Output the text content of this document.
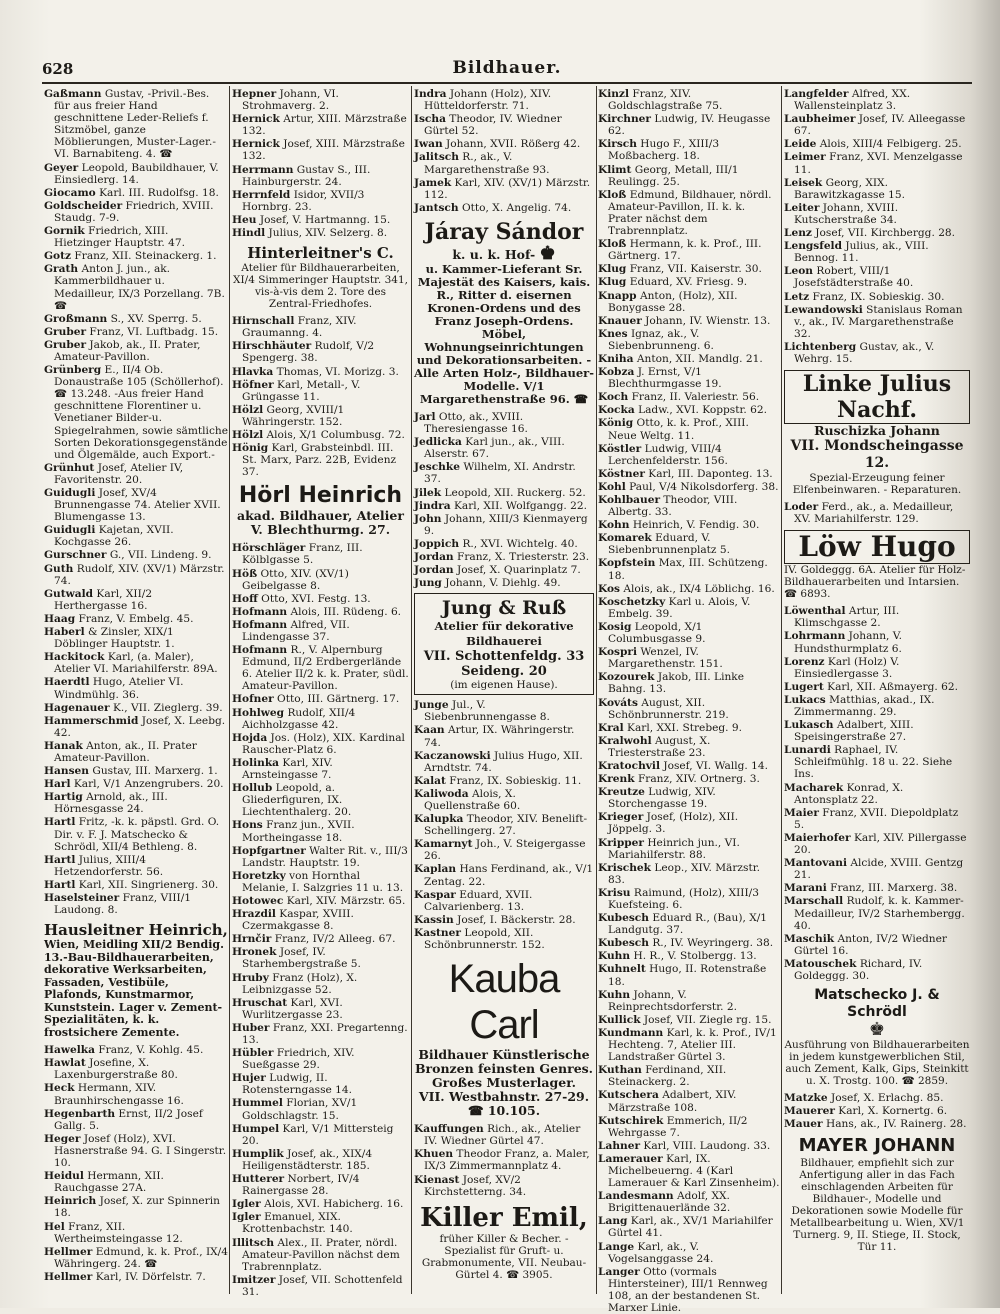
628	Bildhauer.
Gaßmann Gustav, -Privil.-Bes. für aus freier Hand geschnittene Leder-Reliefs f. Sitzmöbel, ganze Möblierungen, Muster-Lager.-VI. Barnabiteng. 4. ☎
Geyer Leopold, Baubildhauer, V. Einsiedlerg. 14.
Giocamo Karl. III. Rudolfsg. 18.
Goldscheider Friedrich, XVIII. Staudg. 7-9.
Gornik Friedrich, XIII. Hietzinger Hauptstr. 47.
Gotz Franz, XII. Steinackerg. 1.
Grath Anton J. jun., ak. Kammerbildhauer u. Medailleur, IX/3 Porzellang. 7B. ☎
Großmann S., XV. Sperrg. 5.
Gruber Franz, VI. Luftbadg. 15.
Gruber Jakob, ak., II. Prater, Amateur-Pavillon.
Grünberg E., II/4 Ob. Donaustraße 105 (Schöllerhof). ☎ 13.248. -Aus freier Hand geschnittene Florentiner u. Venetianer Bilder-u. Spiegelrahmen, sowie sämtliche Sorten Dekorationsgegenstände und Ölgemälde, auch Export.-
Grünhut Josef, Atelier IV, Favoritenstr. 20.
Guidugli Josef, XV/4 Brunnengasse 74. Atelier XVII. Blumengasse 13.
Guidugli Kajetan, XVII. Kochgasse 26.
Gurschner G., VII. Lindeng. 9.
Guth Rudolf, XIV. (XV/1) Märzstr. 74.
Gutwald Karl, XII/2 Herthergasse 16.
Haag Franz, V. Embelg. 45.
Haberl & Zinsler, XIX/1 Döblinger Hauptstr. 1.
Hackitock Karl, (a. Maler), Atelier VI. Mariahilferstr. 89A.
Haerdtl Hugo, Atelier VI. Windmühlg. 36.
Hagenauer K., VII. Zieglerg. 39.
Hammerschmid Josef, X. Leebg. 42.
Hanak Anton, ak., II. Prater Amateur-Pavillon.
Hansen Gustav, III. Marxerg. 1.
Harl Karl, V/1 Anzengrubers. 20.
Hartig Arnold, ak., III. Hörnesgasse 24.
Hartl Fritz, -k. k. päpstl. Grd. O. Dir. v. F. J. Matschecko & Schrödl, XII/4 Bethleng. 8.
Hartl Julius, XIII/4 Hetzendorferstr. 56.
Hartl Karl, XII. Singrienerg. 30.
Haselsteiner Franz, VIII/1 Laudong. 8.
Hausleitner Heinrich,
Wien, Meidling XII/2 Bendig. 13.-Bau-Bildhauerarbeiten, dekorative Werksarbeiten, Fassaden, Vestibüle, Plafonds, Kunstmarmor, Kunststein. Lager v. Zement-Spezialitäten, k. k. frostsichere Zemente.
Hawelka Franz, V. Kohlg. 45.
Hawlat Josefine, X. Laxenburgerstraße 80.
Heck Hermann, XIV. Braunhirschengasse 16.
Hegenbarth Ernst, II/2 Josef Gallg. 5.
Heger Josef (Holz), XVI. Hasnerstraße 94. G. I Singerstr. 10.
Heidul Hermann, XII. Rauchgasse 27A.
Heinrich Josef, X. zur Spinnerin 18.
Hel Franz, XII. Wertheimsteingasse 12.
Hellmer Edmund, k. k. Prof., IX/4 Währingerg. 24. ☎
Hellmer Karl, IV. Dörfelstr. 7.
Hepner Johann, VI. Strohmaverg. 2.
Hernick Artur, XIII. Märzstraße 132.
Hernick Josef, XIII. Märzstraße 132.
Herrmann Gustav S., III. Hainburgerstr. 24.
Herrnfeld Isidor, XVII/3 Hornbrg. 23.
Heu Josef, V. Hartmanng. 15.
Hindl Julius, XIV. Selzerg. 8.
Hinterleitner's C.
Atelier für Bildhauerarbeiten, XI/4 Simmeringer Hauptstr. 341, vis-à-vis dem 2. Tore des Zentral-Friedhofes.
Hirnschall Franz, XIV. Graumanng. 4.
Hirschhäuter Rudolf, V/2 Spengerg. 38.
Hlavka Thomas, VI. Morizg. 3.
Höfner Karl, Metall-, V. Grüngasse 11.
Hölzl Georg, XVIII/1 Währingerstr. 152.
Hölzl Alois, X/1 Columbusg. 72.
Hönig Karl, Grabsteinbdl. III. St. Marx, Parz. 22B, Evidenz 37.
Hörl Heinrich
akad. Bildhauer, Atelier V. Blechthurmg. 27.
Hörschläger Franz, III. Kölblgasse 5.
Höß Otto, XIV. (XV/1) Geibelgasse 8.
Hoff Otto, XVI. Festg. 13.
Hofmann Alois, III. Rüdeng. 6.
Hofmann Alfred, VII. Lindengasse 37.
Hofmann R., V. Alpernburg Edmund, II/2 Erdbergerlände 6. Atelier II/2 k. k. Prater, südl. Amateur-Pavillon.
Hofner Otto, III. Gärtnerg. 17.
Hohlweg Rudolf, XII/4 Aichholzgasse 42.
Hojda Jos. (Holz), XIX. Kardinal Rauscher-Platz 6.
Holinka Karl, XIV. Arnsteingasse 7.
Hollub Leopold, a. Gliederfiguren, IX. Liechtenthalerg. 20.
Hons Franz jun., XVII. Mortheingasse 18.
Hopfgartner Walter Rit. v., III/3 Landstr. Hauptstr. 19.
Horetzky von Hornthal Melanie, I. Salzgries 11 u. 13.
Hotowec Karl, XIV. Märzstr. 65.
Hrazdil Kaspar, XVIII. Czermakgasse 8.
Hrnčir Franz, IV/2 Alleeg. 67.
Hronek Josef, IV. Starhembergstraße 5.
Hruby Franz (Holz), X. Leibnizgasse 52.
Hruschat Karl, XVI. Wurlitzergasse 23.
Huber Franz, XXI. Pregartenng. 13.
Hübler Friedrich, XIV. Sueßgasse 29.
Hujer Ludwig, II. Rotensterngasse 14.
Hummel Florian, XV/1 Goldschlagstr. 15.
Humpel Karl, V/1 Mittersteig 20.
Humplik Josef, ak., XIX/4 Heiligenstädterstr. 185.
Hutterer Norbert, IV/4 Rainergasse 28.
Igler Alois, XVI. Habicherg. 16.
Igler Emanuel, XIX. Krottenbachstr. 140.
Illitsch Alex., II. Prater, nördl. Amateur-Pavillon nächst dem Trabrennplatz.
Imitzer Josef, VII. Schottenfeld 31.
Indra Johann (Holz), XIV. Hütteldorferstr. 71.
Ischa Theodor, IV. Wiedner Gürtel 52.
Iwan Johann, XVII. Rößerg 42.
Jalitsch R., ak., V. Margarethenstraße 93.
Jamek Karl, XIV. (XV/1) Märzstr. 112.
Jantsch Otto, X. Angelig. 74.
Járay Sándor
k. u. k. Hof- ♚
u. Kammer-Lieferant Sr. Majestät des Kaisers, kais. R., Ritter d. eisernen Kronen-Ordens und des Franz Joseph-Ordens. Möbel, Wohnungseinrichtungen und Dekorationsarbeiten. - Alle Arten Holz-, Bildhauer-Modelle. V/1 Margarethenstraße 96. ☎
Jarl Otto, ak., XVIII. Theresiengasse 16.
Jedlicka Karl jun., ak., VIII. Alserstr. 67.
Jeschke Wilhelm, XI. Andrstr. 37.
Jilek Leopold, XII. Ruckerg. 52.
Jindra Karl, XII. Wolfgangg. 22.
John Johann, XIII/3 Kienmayerg 9.
Joppich R., XVI. Wichtelg. 40.
Jordan Franz, X. Triesterstr. 23.
Jordan Josef, X. Quarinplatz 7.
Jung Johann, V. Diehlg. 49.
Jung & Ruß
Atelier für dekorative Bildhauerei
VII. Schottenfeldg. 33 Seideng. 20
(im eigenen Hause).
Junge Jul., V. Siebenbrunnengasse 8.
Kaan Artur, IX. Währingerstr. 74.
Kaczanowski Julius Hugo, XII. Arndtstr. 74.
Kalat Franz, IX. Sobieskig. 11.
Kaliwoda Alois, X. Quellenstraße 60.
Kalupka Theodor, XIV. Benelift-Schellingerg. 27.
Kamarnyt Joh., V. Steigergasse 26.
Kaplan Hans Ferdinand, ak., V/1 Zentag. 22.
Kaspar Eduard, XVII. Calvarienberg. 13.
Kassin Josef, I. Bäckerstr. 28.
Kastner Leopold, XII. Schönbrunnerstr. 152.
Kauba Carl
Bildhauer Künstlerische Bronzen feinsten Genres. Großes Musterlager.
VII. Westbahnstr. 27-29. ☎ 10.105.
Kauffungen Rich., ak., Atelier IV. Wiedner Gürtel 47.
Khuen Theodor Franz, a. Maler, IX/3 Zimmermannplatz 4.
Kienast Josef, XV/2 Kirchstetterng. 34.
Killer Emil,
früher Killer & Becher. -Spezialist für Gruft- u. Grabmonumente, VII. Neubau-Gürtel 4. ☎ 3905.
Kinzl Franz, XIV. Goldschlagstraße 75.
Kirchner Ludwig, IV. Heugasse 62.
Kirsch Hugo F., XIII/3 Moßbacherg. 18.
Klimt Georg, Metall, III/1 Reulingg. 25.
Kloß Edmund, Bildhauer, nördl. Amateur-Pavillon, II. k. k. Prater nächst dem Trabrennplatz.
Kloß Hermann, k. k. Prof., III. Gärtnerg. 17.
Klug Franz, VII. Kaiserstr. 30.
Klug Eduard, XV. Friesg. 9.
Knapp Anton, (Holz), XII. Bonygasse 28.
Knauer Johann, IV. Wienstr. 13.
Knes Ignaz, ak., V. Siebenbrunneng. 6.
Kniha Anton, XII. Mandlg. 21.
Kobza J. Ernst, V/1 Blechthurmgasse 19.
Koch Franz, II. Valeriestr. 56.
Kocka Ladw., XVI. Koppstr. 62.
König Otto, k. k. Prof., XIII. Neue Weltg. 11.
Köstler Ludwig, VIII/4 Lerchenfelderstr. 156.
Köstner Karl, III. Daponteg. 13.
Kohl Paul, V/4 Nikolsdorferg. 38.
Kohlbauer Theodor, VIII. Albertg. 33.
Kohn Heinrich, V. Fendig. 30.
Komarek Eduard, V. Siebenbrunnenplatz 5.
Kopfstein Max, III. Schützeng. 18.
Kos Alois, ak., IX/4 Löblichg. 16.
Koschetzky Karl u. Alois, V. Embelg. 39.
Kosig Leopold, X/1 Columbusgasse 9.
Kospri Wenzel, IV. Margarethenstr. 151.
Kozourek Jakob, III. Linke Bahng. 13.
Kováts August, XII. Schönbrunnerstr. 219.
Kral Karl, XXI. Strebeg. 9.
Kralwohl August, X. Triesterstraße 23.
Kratochvil Josef, VI. Wallg. 14.
Krenk Franz, XIV. Ortnerg. 3.
Kreutze Ludwig, XIV. Storchengasse 19.
Krieger Josef, (Holz), XII. Jöppelg. 3.
Kripper Heinrich jun., VI. Mariahilferstr. 88.
Krischek Leop., XIV. Märzstr. 83.
Krisu Raimund, (Holz), XIII/3 Kuefsteing. 6.
Kubesch Eduard R., (Bau), X/1 Landgutg. 37.
Kubesch R., IV. Weyringerg. 38.
Kuhn H. R., V. Stolbergg. 13.
Kuhnelt Hugo, II. Rotenstraße 18.
Kuhn Johann, V. Reinprechtsdorferstr. 2.
Kullick Josef, VII. Ziegle rg. 15.
Kundmann Karl, k. k. Prof., IV/1 Hechteng. 7, Atelier III. Landstraßer Gürtel 3.
Kuthan Ferdinand, XII. Steinackerg. 2.
Kutschera Adalbert, XIV. Märzstraße 108.
Kutschirek Emmerich, II/2 Wehrgasse 7.
Lahner Karl, VIII. Laudong. 33.
Lamerauer Karl, IX. Michelbeuerng. 4 (Karl Lamerauer & Karl Zinsenheim).
Landesmann Adolf, XX. Brigittenauerlände 32.
Lang Karl, ak., XV/1 Mariahilfer Gürtel 41.
Lange Karl, ak., V. Vogelsanggasse 24.
Langer Otto (vormals Hintersteiner), III/1 Rennweg 108, an der bestandenen St. Marxer Linie.
Langfelder Alfred, XX. Wallensteinplatz 3.
Laubheimer Josef, IV. Alleegasse 67.
Leide Alois, XIII/4 Felbigerg. 25.
Leimer Franz, XVI. Menzelgasse 11.
Leisek Georg, XIX. Barawitzkagasse 15.
Leiter Johann, XVIII. Kutscherstraße 34.
Lenz Josef, VII. Kirchbergg. 28.
Lengsfeld Julius, ak., VIII. Bennog. 11.
Leon Robert, VIII/1 Josefstädterstraße 40.
Letz Franz, IX. Sobieskig. 30.
Lewandowski Stanislaus Roman v., ak., IV. Margarethenstraße 32.
Lichtenberg Gustav, ak., V. Wehrg. 15.
Linke Julius Nachf.
Ruschizka Johann
VII. Mondscheingasse 12.
Spezial-Erzeugung feiner Elfenbeinwaren. - Reparaturen.
Loder Ferd., ak., a. Medailleur, XV. Mariahilferstr. 129.
Löw Hugo
IV. Goldeggg. 6A. Atelier für Holz-Bildhauerarbeiten und Intarsien. ☎ 6893.
Löwenthal Artur, III. Klimschgasse 2.
Lohrmann Johann, V. Hundsthurmplatz 6.
Lorenz Karl (Holz) V. Einsiedlergasse 3.
Lugert Karl, XII. Aßmayerg. 62.
Lukacs Matthias, akad., IX. Zimmermanng. 29.
Lukasch Adalbert, XIII. Speisingerstraße 27.
Lunardi Raphael, IV. Schleifmühlg. 18 u. 22. Siehe Ins.
Macharek Konrad, X. Antonsplatz 22.
Maier Franz, XVII. Diepoldplatz 5.
Maierhofer Karl, XIV. Pillergasse 20.
Mantovani Alcide, XVIII. Gentzg 21.
Marani Franz, III. Marxerg. 38.
Marschall Rudolf, k. k. Kammer-Medailleur, IV/2 Starhembergg. 40.
Maschik Anton, IV/2 Wiedner Gürtel 16.
Matouschek Richard, IV. Goldeggg. 30.
Matschecko J. & Schrödl
♚
Ausführung von Bildhauerarbeiten in jedem kunstgewerblichen Stil, auch Zement, Kalk, Gips, Steinkitt u. X. Trostg. 100. ☎ 2859.
Matzke Josef, X. Erlachg. 85.
Mauerer Karl, X. Kornertg. 6.
Mauer Hans, ak., IV. Rainerg. 28.
MAYER JOHANN
Bildhauer, empfiehlt sich zur Anfertigung aller in das Fach einschlagenden Arbeiten für Bildhauer-, Modelle und Dekorationen sowie Modelle für Metallbearbeitung u. Wien, XV/1 Turnerg. 9, II. Stiege, II. Stock, Tür 11.
